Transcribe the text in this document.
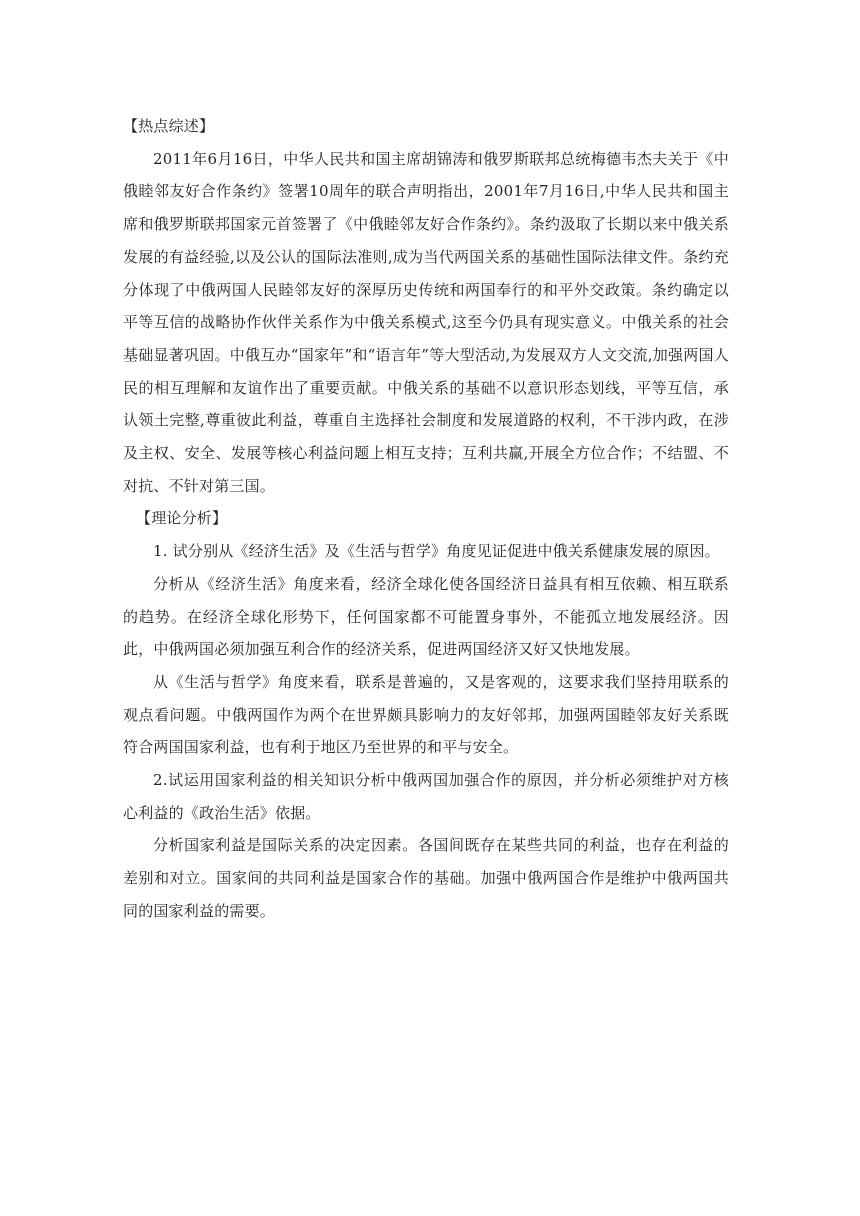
【热点综述】

2011年6月16日，中华人民共和国主席胡锦涛和俄罗斯联邦总统梅德韦杰夫关于《中俄睦邻友好合作条约》签署10周年的联合声明指出，2001年7月16日,中华人民共和国主席和俄罗斯联邦国家元首签署了《中俄睦邻友好合作条约》。条约汲取了长期以来中俄关系发展的有益经验,以及公认的国际法准则,成为当代两国关系的基础性国际法律文件。条约充分体现了中俄两国人民睦邻友好的深厚历史传统和两国奉行的和平外交政策。条约确定以平等互信的战略协作伙伴关系作为中俄关系模式,这至今仍具有现实意义。中俄关系的社会基础显著巩固。中俄互办“国家年”和“语言年”等大型活动,为发展双方人文交流,加强两国人民的相互理解和友谊作出了重要贡献。中俄关系的基础不以意识形态划线，平等互信，承认领土完整,尊重彼此利益，尊重自主选择社会制度和发展道路的权利，不干涉内政，在涉及主权、安全、发展等核心利益问题上相互支持；互利共赢,开展全方位合作；不结盟、不对抗、不针对第三国。

【理论分析】

1. 试分别从《经济生活》及《生活与哲学》角度见证促进中俄关系健康发展的原因。

分析从《经济生活》角度来看，经济全球化使各国经济日益具有相互依赖、相互联系的趋势。在经济全球化形势下，任何国家都不可能置身事外，不能孤立地发展经济。因此，中俄两国必须加强互利合作的经济关系，促进两国经济又好又快地发展。

从《生活与哲学》角度来看，联系是普遍的，又是客观的，这要求我们坚持用联系的观点看问题。中俄两国作为两个在世界颇具影响力的友好邻邦，加强两国睦邻友好关系既符合两国国家利益，也有利于地区乃至世界的和平与安全。

2.试运用国家利益的相关知识分析中俄两国加强合作的原因，并分析必须维护对方核心利益的《政治生活》依据。

分析国家利益是国际关系的决定因素。各国间既存在某些共同的利益，也存在利益的差别和对立。国家间的共同利益是国家合作的基础。加强中俄两国合作是维护中俄两国共同的国家利益的需要。
